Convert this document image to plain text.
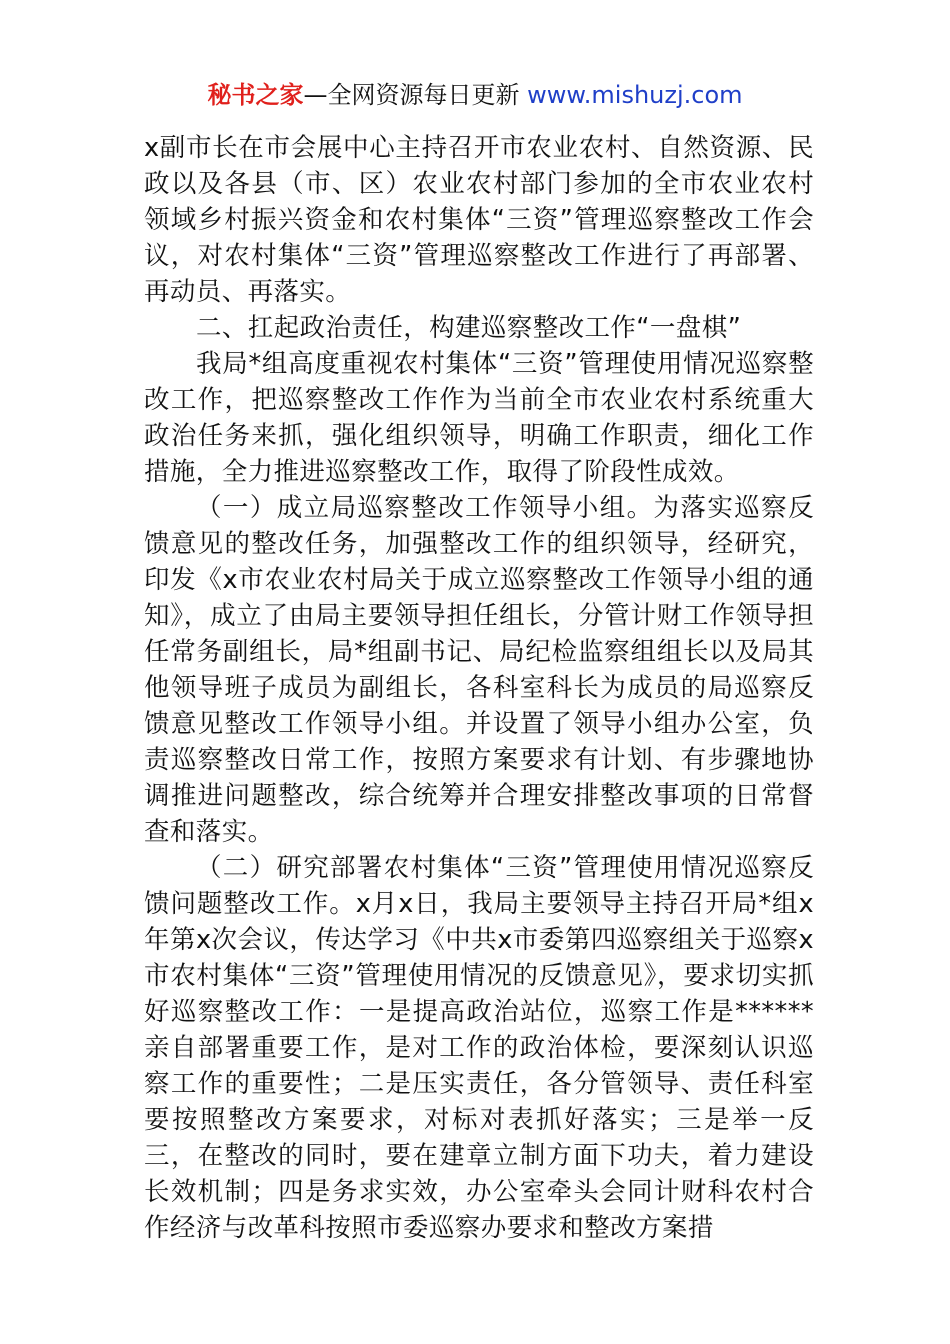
秘书之家—全网资源每日更新 www.mishuzj.com

x副市长在市会展中心主持召开市农业农村、自然资源、民政以及各县（市、区）农业农村部门参加的全市农业农村领域乡村振兴资金和农村集体“三资”管理巡察整改工作会议，对农村集体“三资”管理巡察整改工作进行了再部署、再动员、再落实。

二、扛起政治责任，构建巡察整改工作“一盘棋”

我局*组高度重视农村集体“三资”管理使用情况巡察整改工作，把巡察整改工作作为当前全市农业农村系统重大政治任务来抓，强化组织领导，明确工作职责，细化工作措施，全力推进巡察整改工作，取得了阶段性成效。

（一）成立局巡察整改工作领导小组。为落实巡察反馈意见的整改任务，加强整改工作的组织领导，经研究，印发《x市农业农村局关于成立巡察整改工作领导小组的通知》，成立了由局主要领导担任组长，分管计财工作领导担任常务副组长，局*组副书记、局纪检监察组组长以及局其他领导班子成员为副组长，各科室科长为成员的局巡察反馈意见整改工作领导小组。并设置了领导小组办公室，负责巡察整改日常工作，按照方案要求有计划、有步骤地协调推进问题整改，综合统筹并合理安排整改事项的日常督查和落实。

（二）研究部署农村集体“三资”管理使用情况巡察反馈问题整改工作。x月x日，我局主要领导主持召开局*组x年第x次会议，传达学习《中共x市委第四巡察组关于巡察x市农村集体“三资”管理使用情况的反馈意见》，要求切实抓好巡察整改工作：一是提高政治站位，巡察工作是******亲自部署重要工作，是对工作的政治体检，要深刻认识巡察工作的重要性；二是压实责任，各分管领导、责任科室要按照整改方案要求，对标对表抓好落实；三是举一反三，在整改的同时，要在建章立制方面下功夫，着力建设长效机制；四是务求实效，办公室牵头会同计财科农村合作经济与改革科按照市委巡察办要求和整改方案措
